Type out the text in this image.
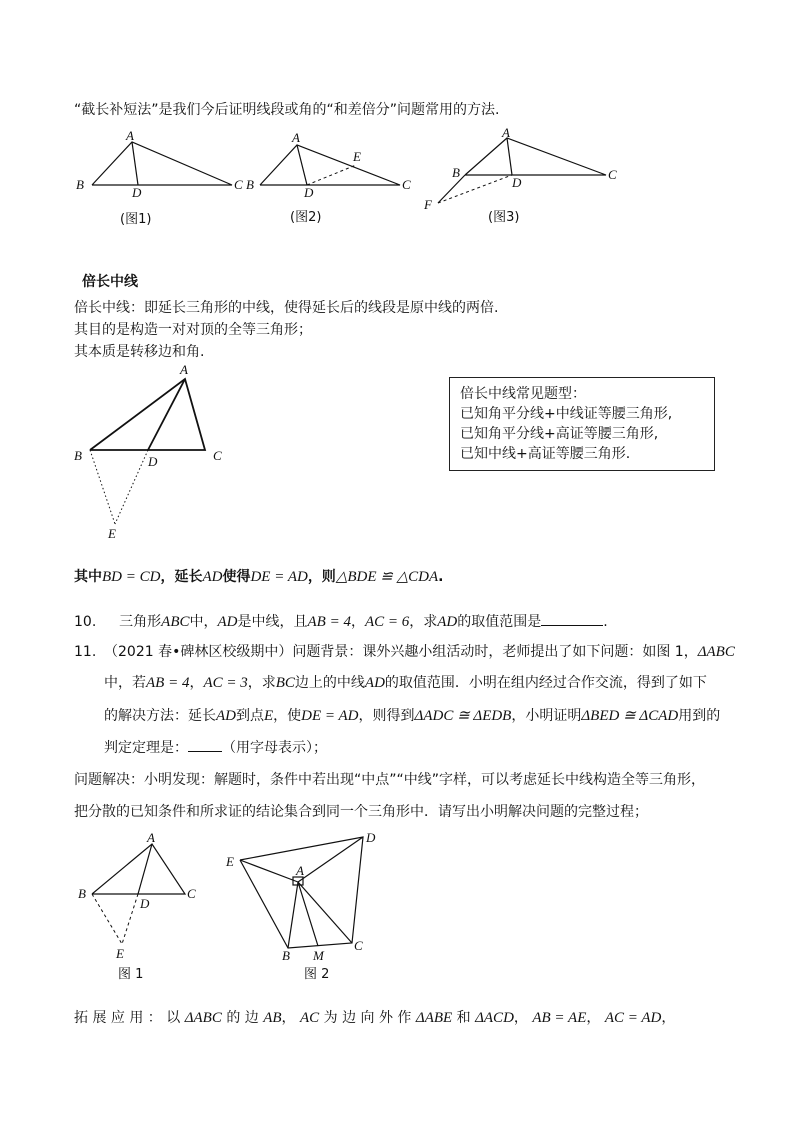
“截长补短法”是我们今后证明线段或角的“和差倍分”问题常用的方法.
A
B	C
D
(图1)
A
B	C
D
E
(图2)
A
B	C
D
F
(图3)
倍长中线
倍长中线：即延长三角形的中线，使得延长后的线段是原中线的两倍.
其目的是构造一对对顶的全等三角形；
其本质是转移边和角.
A
B	C
D
E
倍长中线常见题型：
已知角平分线+中线证等腰三角形,
已知角平分线+高证等腰三角形,
已知中线+高证等腰三角形.
其中BD = CD，延长AD使得DE = AD，则△BDE ≌ △CDA.
10. 三角形ABC中，AD是中线，且AB = 4，AC = 6，求AD的取值范围是	.
11. （2021 春•碑林区校级期中）问题背景：课外兴趣小组活动时，老师提出了如下问题：如图 1，ΔABC
中，若AB = 4，AC = 3，求BC边上的中线AD的取值范围．小明在组内经过合作交流，得到了如下
的解决方法：延长AD到点E，使DE = AD，则得到ΔADC ≅ ΔEDB，小明证明ΔBED ≅ ΔCAD用到的
判定定理是： （用字母表示）；
问题解决：小明发现：解题时，条件中若出现“中点”“中线”字样，可以考虑延长中线构造全等三角形，
把分散的已知条件和所求证的结论集合到同一个三角形中．请写出小明解决问题的完整过程；
A
B	C
D
E
图 1
A
E
D
B
C
M
图 2
拓 展 应 用 ： 以 ΔABC 的 边 AB， AC 为 边 向 外 作 ΔABE 和 ΔACD， AB = AE， AC = AD，
